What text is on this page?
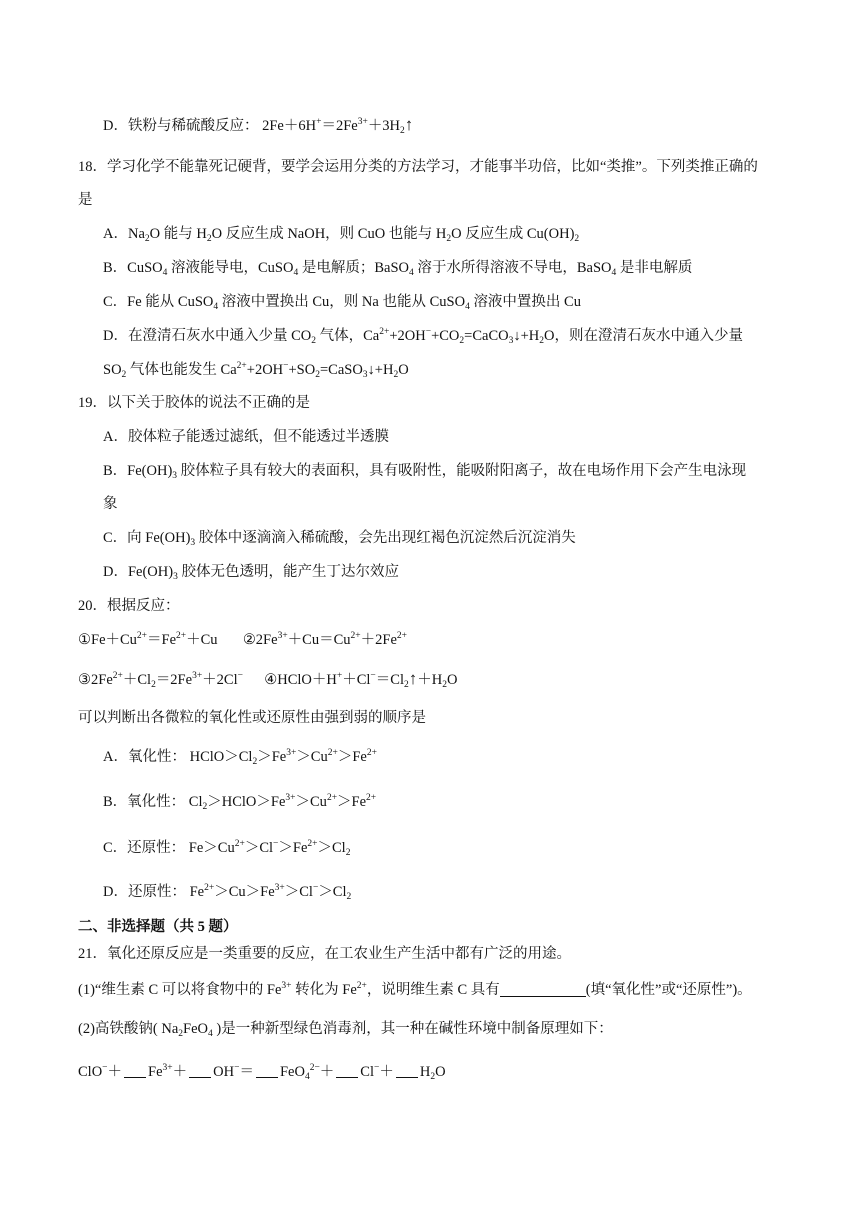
D．铁粉与稀硫酸反应： $2Fe+6H^+=2Fe^{3+}+3H_2↑$
18．学习化学不能靠死记硬背，要学会运用分类的方法学习，才能事半功倍，比如“类推”。下列类推正确的
是
A．$Na_2O$ 能与 $H_2O$ 反应生成 NaOH，则 CuO 也能与 $H_2O$ 反应生成 $Cu(OH)_2$
B．CuSO$_4$ 溶液能导电，CuSO$_4$ 是电解质；BaSO$_4$ 溶于水所得溶液不导电，BaSO$_4$ 是非电解质
C．Fe 能从 CuSO$_4$ 溶液中置换出 Cu，则 Na 也能从 CuSO$_4$ 溶液中置换出 Cu
D．在澄清石灰水中通入少量 $CO_2$ 气体，$Ca^{2+}+2OH^-+CO_2=CaCO_3↓+H_2O$，则在澄清石灰水中通入少量
$SO_2$ 气体也能发生 $Ca^{2+}+2OH^-+SO_2=CaSO_3↓+H_2O$
19．以下关于胶体的说法不正确的是
A．胶体粒子能透过滤纸，但不能透过半透膜
B．$Fe(OH)_3$ 胶体粒子具有较大的表面积，具有吸附性，能吸附阳离子，故在电场作用下会产生电泳现
象
C．向 $Fe(OH)_3$ 胶体中逐滴滴入稀硫酸，会先出现红褐色沉淀然后沉淀消失
D．$Fe(OH)_3$ 胶体无色透明，能产生丁达尔效应
20．根据反应：
$①Fe+Cu^{2+}=Fe^{2+}+Cu$ $②2Fe^{3+}+Cu=Cu^{2+}+2Fe^{2+}$
$③2Fe^{2+}+Cl_2=2Fe^{3+}+2Cl^-$ $④HClO+H^++Cl^-=Cl_2↑+H_2O$
可以判断出各微粒的氧化性或还原性由强到弱的顺序是
A．氧化性： $HClO>Cl_2>Fe^{3+}>Cu^{2+}>Fe^{2+}$
B．氧化性： $Cl_2>HClO>Fe^{3+}>Cu^{2+}>Fe^{2+}$
C．还原性： $Fe>Cu^{2+}>Cl^->Fe^{2+}>Cl_2$
D．还原性： $Fe^{2+}>Cu>Fe^{3+}>Cl^->Cl_2$
二、非选择题（共 5 题）
21．氧化还原反应是一类重要的反应，在工农业生产生活中都有广泛的用途。
(1)“维生素 C 可以将食物中的 $Fe^{3+}$ 转化为 $Fe^{2+}$，说明维生素 C 具有	(填“氧化性”或“还原性”)。
(2)高铁酸钠( $Na_2FeO_4$ )是一种新型绿色消毒剂，其一种在碱性环境中制备原理如下：
$ClO^-+ Fe^{3+}+ OH^-= FeO_4^{2-}+ Cl^-+ H_2O$
